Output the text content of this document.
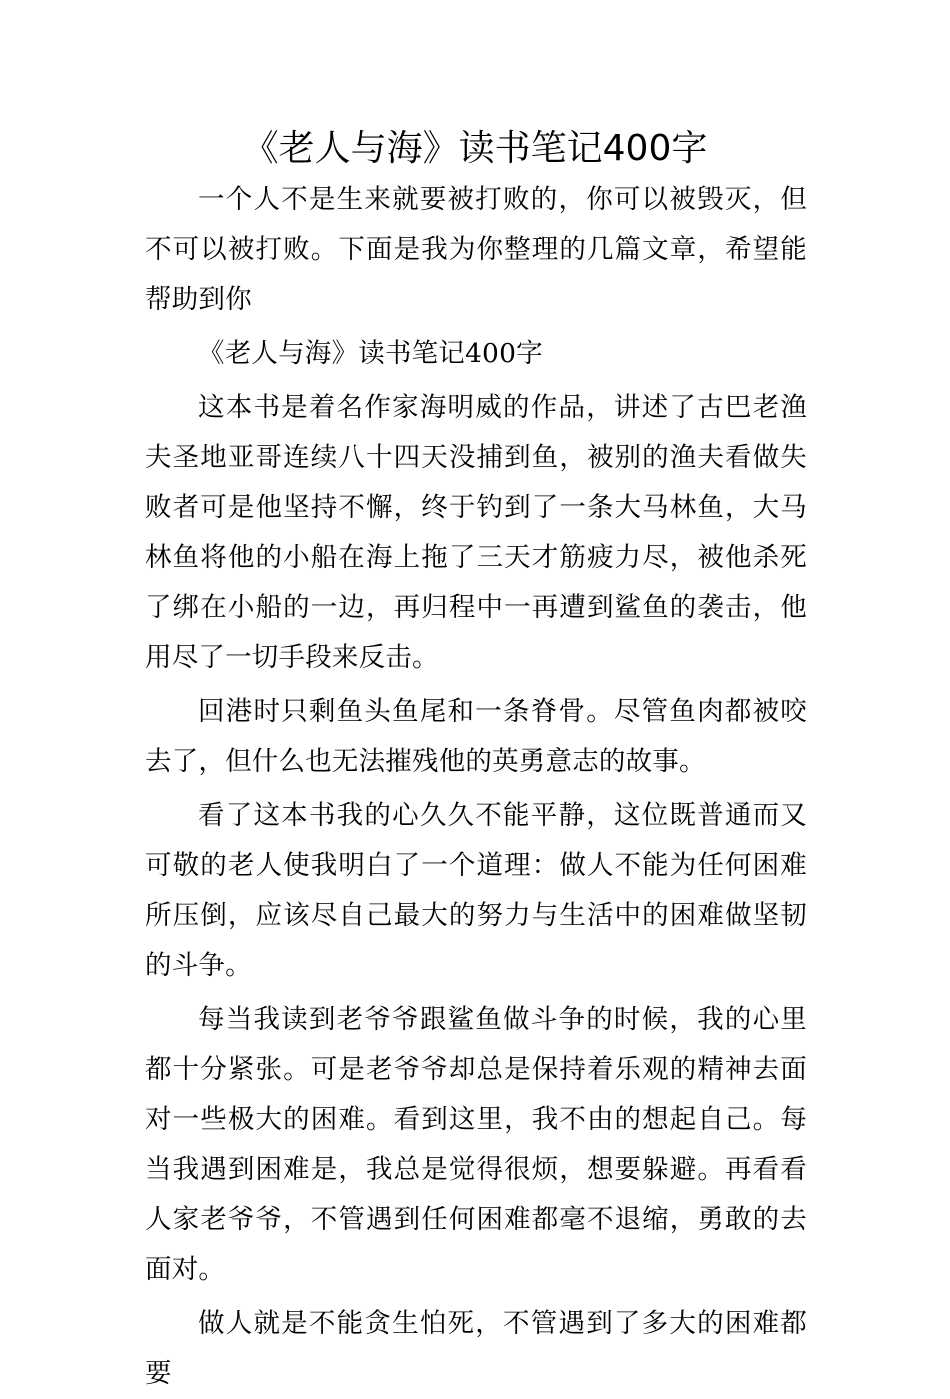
《老人与海》读书笔记400字

一个人不是生来就要被打败的，你可以被毁灭，但不可以被打败。下面是我为你整理的几篇文章，希望能帮助到你

《老人与海》读书笔记400字

这本书是着名作家海明威的作品，讲述了古巴老渔夫圣地亚哥连续八十四天没捕到鱼，被别的渔夫看做失败者可是他坚持不懈，终于钓到了一条大马林鱼，大马林鱼将他的小船在海上拖了三天才筋疲力尽，被他杀死了绑在小船的一边，再归程中一再遭到鲨鱼的袭击，他用尽了一切手段来反击。

回港时只剩鱼头鱼尾和一条脊骨。尽管鱼肉都被咬去了，但什么也无法摧残他的英勇意志的故事。

看了这本书我的心久久不能平静，这位既普通而又可敬的老人使我明白了一个道理：做人不能为任何困难所压倒，应该尽自己最大的努力与生活中的困难做坚韧的斗争。

每当我读到老爷爷跟鲨鱼做斗争的时候，我的心里都十分紧张。可是老爷爷却总是保持着乐观的精神去面对一些极大的困难。看到这里，我不由的想起自己。每当我遇到困难是，我总是觉得很烦，想要躲避。再看看人家老爷爷，不管遇到任何困难都毫不退缩，勇敢的去面对。

做人就是不能贪生怕死，不管遇到了多大的困难都要
